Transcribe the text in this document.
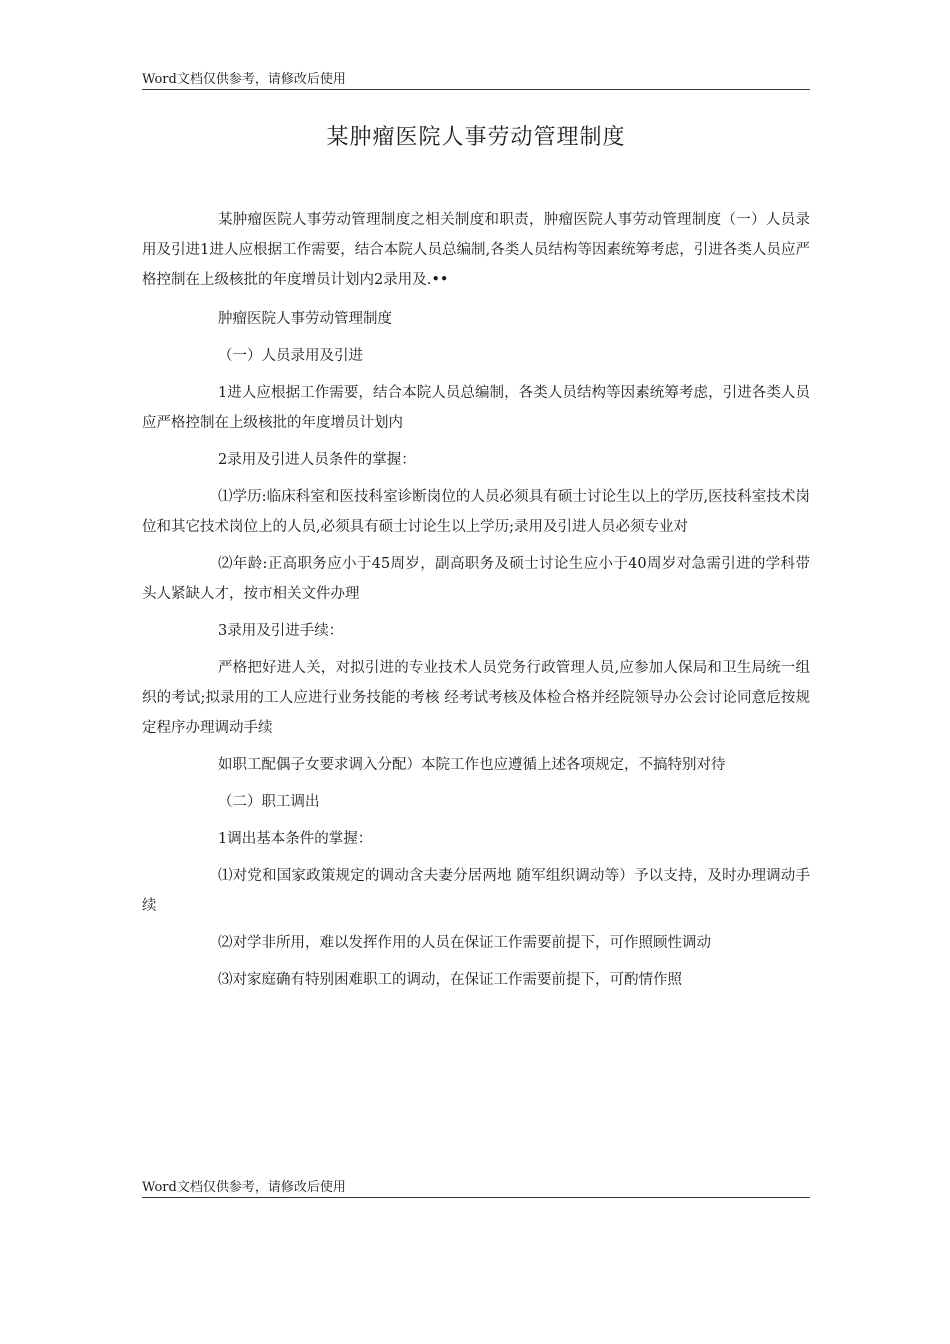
Word文档仅供参考，请修改后使用
某肿瘤医院人事劳动管理制度

某肿瘤医院人事劳动管理制度之相关制度和职责，肿瘤医院人事劳动管理制度（一）人员录用及引进1进人应根据工作需要，结合本院人员总编制,各类人员结构等因素统筹考虑，引进各类人员应严格控制在上级核批的年度增员计划内2录用及.••

肿瘤医院人事劳动管理制度

（一）人员录用及引进

1进人应根据工作需要，结合本院人员总编制，各类人员结构等因素统筹考虑，引进各类人员应严格控制在上级核批的年度增员计划内

2录用及引进人员条件的掌握：

⑴学历:临床科室和医技科室诊断岗位的人员必须具有硕士讨论生以上的学历,医技科室技术岗位和其它技术岗位上的人员,必须具有硕士讨论生以上学历;录用及引进人员必须专业对

⑵年龄:正高职务应小于45周岁，副高职务及硕士讨论生应小于40周岁对急需引进的学科带头人紧缺人才，按市相关文件办理

3录用及引进手续：

严格把好进人关，对拟引进的专业技术人员党务行政管理人员,应参加人保局和卫生局统一组织的考试;拟录用的工人应进行业务技能的考核 经考试考核及体检合格并经院领导办公会讨论同意卮按规定程序办理调动手续

如职工配偶子女要求调入分配）本院工作也应遵循上述各项规定，不搞特别对待

（二）职工调出

1调出基本条件的掌握：

⑴对党和国家政策规定的调动含夫妻分居两地 随军组织调动等）予以支持，及时办理调动手续

⑵对学非所用，难以发挥作用的人员在保证工作需要前提下，可作照顾性调动

⑶对家庭确有特别困难职工的调动，在保证工作需要前提下，可酌情作照

Word文档仅供参考，请修改后使用
